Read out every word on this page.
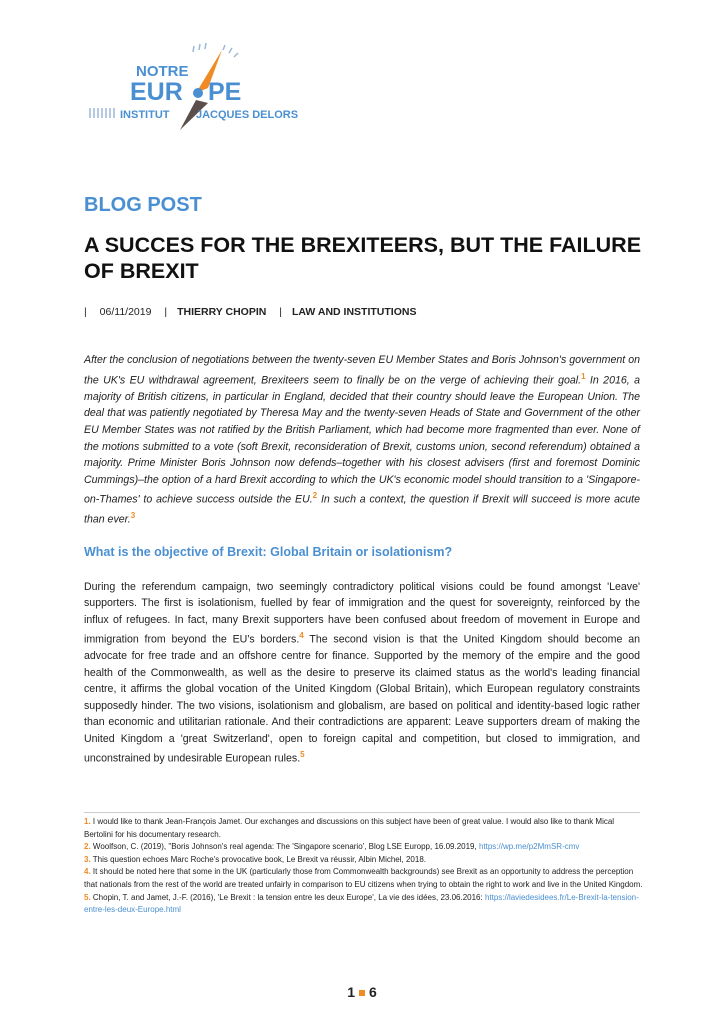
NOTRE
EUR PE
INSTITUT JACQUES DELORS
BLOG POST
A SUCCES FOR THE BREXITEERS, BUT THE FAILURE OF BREXIT
| 06/11/2019 | THIERRY CHOPIN | LAW AND INSTITUTIONS

After the conclusion of negotiations between the twenty-seven EU Member States and Boris Johnson's government on the UK's EU withdrawal agreement, Brexiteers seem to finally be on the verge of achieving their goal.$^1$ In 2016, a majority of British citizens, in particular in England, decided that their country should leave the European Union. The deal that was patiently negotiated by Theresa May and the twenty-seven Heads of State and Government of the other EU Member States was not ratified by the British Parliament, which had become more fragmented than ever. None of the motions submitted to a vote (soft Brexit, reconsideration of Brexit, customs union, second referendum) obtained a majority. Prime Minister Boris Johnson now defends–together with his closest advisers (first and foremost Dominic Cummings)–the option of a hard Brexit according to which the UK's economic model should transition to a 'Singapore-on-Thames' to achieve success outside the EU.$^2$ In such a context, the question if Brexit will succeed is more acute than ever.$^3$

What is the objective of Brexit: Global Britain or isolationism?

During the referendum campaign, two seemingly contradictory political visions could be found amongst 'Leave' supporters. The first is isolationism, fuelled by fear of immigration and the quest for sovereignty, reinforced by the influx of refugees. In fact, many Brexit supporters have been confused about freedom of movement in Europe and immigration from beyond the EU's borders.$^4$ The second vision is that the United Kingdom should become an advocate for free trade and an offshore centre for finance. Supported by the memory of the empire and the good health of the Commonwealth, as well as the desire to preserve its claimed status as the world's leading financial centre, it affirms the global vocation of the United Kingdom (Global Britain), which European regulatory constraints supposedly hinder. The two visions, isolationism and globalism, are based on political and identity-based logic rather than economic and utilitarian rationale. And their contradictions are apparent: Leave supporters dream of making the United Kingdom a 'great Switzerland', open to foreign capital and competition, but closed to immigration, and unconstrained by undesirable European rules.$^5$

1. I would like to thank Jean-François Jamet. Our exchanges and discussions on this subject have been of great value. I would also like to thank Mical Bertolini for his documentary research.
2. Woolfson, C. (2019), "Boris Johnson's real agenda: The 'Singapore scenario', Blog LSE Europp, 16.09.2019, https://wp.me/p2MmSR-cmv
3. This question echoes Marc Roche's provocative book, Le Brexit va réussir, Albin Michel, 2018.
4. It should be noted here that some in the UK (particularly those from Commonwealth backgrounds) see Brexit as an opportunity to address the perception that nationals from the rest of the world are treated unfairly in comparison to EU citizens when trying to obtain the right to work and live in the United Kingdom.
5. Chopin, T. and Jamet, J.-F. (2016), 'Le Brexit : la tension entre les deux Europe', La vie des idées, 23.06.2016: https://laviedesidees.fr/Le-Brexit-la-tension-entre-les-deux-Europe.html
1 6
